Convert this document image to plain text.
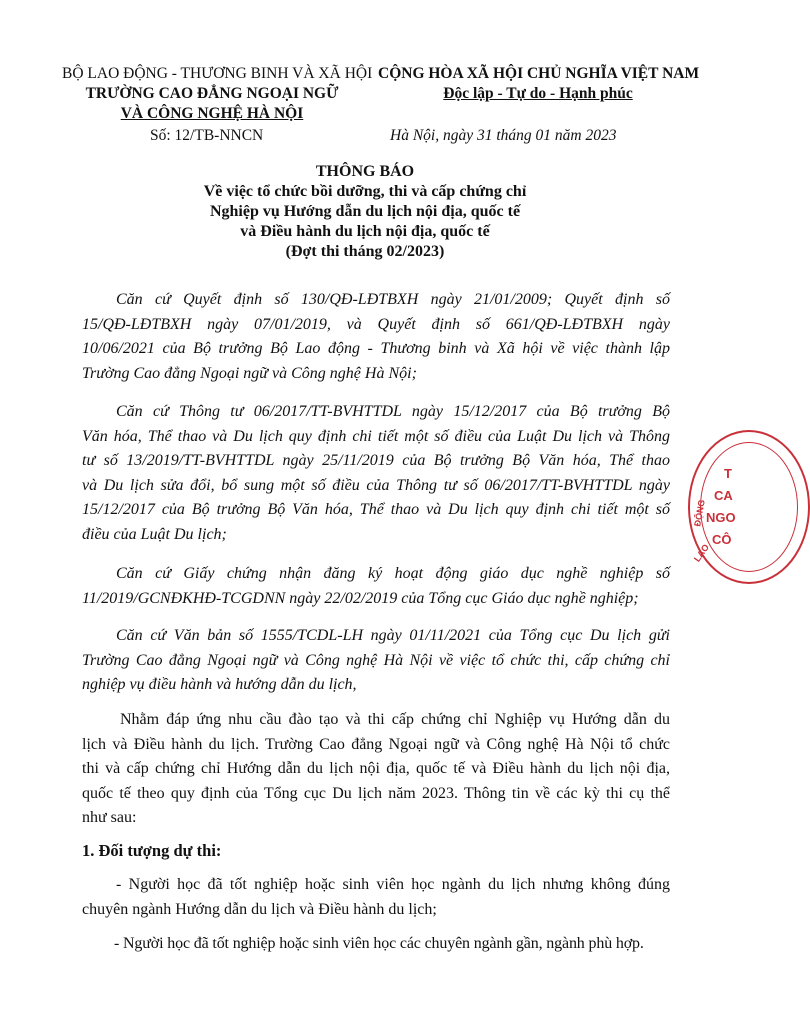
BỘ LAO ĐỘNG - THƯƠNG BINH VÀ XÃ HỘI
TRƯỜNG CAO ĐẲNG NGOẠI NGỮ
VÀ CÔNG NGHỆ HÀ NỘI
Số: 12/TB-NNCN
CỘNG HÒA XÃ HỘI CHỦ NGHĨA VIỆT NAM
Độc lập - Tự do - Hạnh phúc
Hà Nội, ngày 31 tháng 01 năm 2023
THÔNG BÁO
Về việc tổ chức bồi dưỡng, thi và cấp chứng chỉ
Nghiệp vụ Hướng dẫn du lịch nội địa, quốc tế
và Điều hành du lịch nội địa, quốc tế
(Đợt thi tháng 02/2023)
Căn cứ Quyết định số 130/QĐ-LĐTBXH ngày 21/01/2009; Quyết định số
15/QĐ-LĐTBXH ngày 07/01/2019, và Quyết định số 661/QĐ-LĐTBXH ngày
10/06/2021 của Bộ trưởng Bộ Lao động - Thương binh và Xã hội về việc thành lập
Trường Cao đẳng Ngoại ngữ và Công nghệ Hà Nội;
Căn cứ Thông tư 06/2017/TT-BVHTTDL ngày 15/12/2017 của Bộ trưởng Bộ
Văn hóa, Thể thao và Du lịch quy định chi tiết một số điều của Luật Du lịch và Thông
tư số 13/2019/TT-BVHTTDL ngày 25/11/2019 của Bộ trưởng Bộ Văn hóa, Thể thao
và Du lịch sửa đổi, bổ sung một số điều của Thông tư số 06/2017/TT-BVHTTDL ngày
15/12/2017 của Bộ trưởng Bộ Văn hóa, Thể thao và Du lịch quy định chi tiết một số
điều của Luật Du lịch;
Căn cứ Giấy chứng nhận đăng ký hoạt động giáo dục nghề nghiệp số
11/2019/GCNĐKHĐ-TCGDNN ngày 22/02/2019 của Tổng cục Giáo dục nghề nghiệp;
Căn cứ Văn bản số 1555/TCDL-LH ngày 01/11/2021 của Tổng cục Du lịch gửi
Trường Cao đẳng Ngoại ngữ và Công nghệ Hà Nội về việc tổ chức thi, cấp chứng chỉ
nghiệp vụ điều hành và hướng dẫn du lịch,
Nhằm đáp ứng nhu cầu đào tạo và thi cấp chứng chỉ Nghiệp vụ Hướng dẫn du
lịch và Điều hành du lịch. Trường Cao đẳng Ngoại ngữ và Công nghệ Hà Nội tổ chức
thi và cấp chứng chỉ Hướng dẫn du lịch nội địa, quốc tế và Điều hành du lịch nội địa,
quốc tế theo quy định của Tổng cục Du lịch năm 2023. Thông tin về các kỳ thi cụ thể
như sau:
1. Đối tượng dự thi:
- Người học đã tốt nghiệp hoặc sinh viên học ngành du lịch nhưng không đúng
chuyên ngành Hướng dẫn du lịch và Điều hành du lịch;
- Người học đã tốt nghiệp hoặc sinh viên học các chuyên ngành gần, ngành phù hợp.
T
CA
NGO
CÔ
LAO
ĐỘNG
